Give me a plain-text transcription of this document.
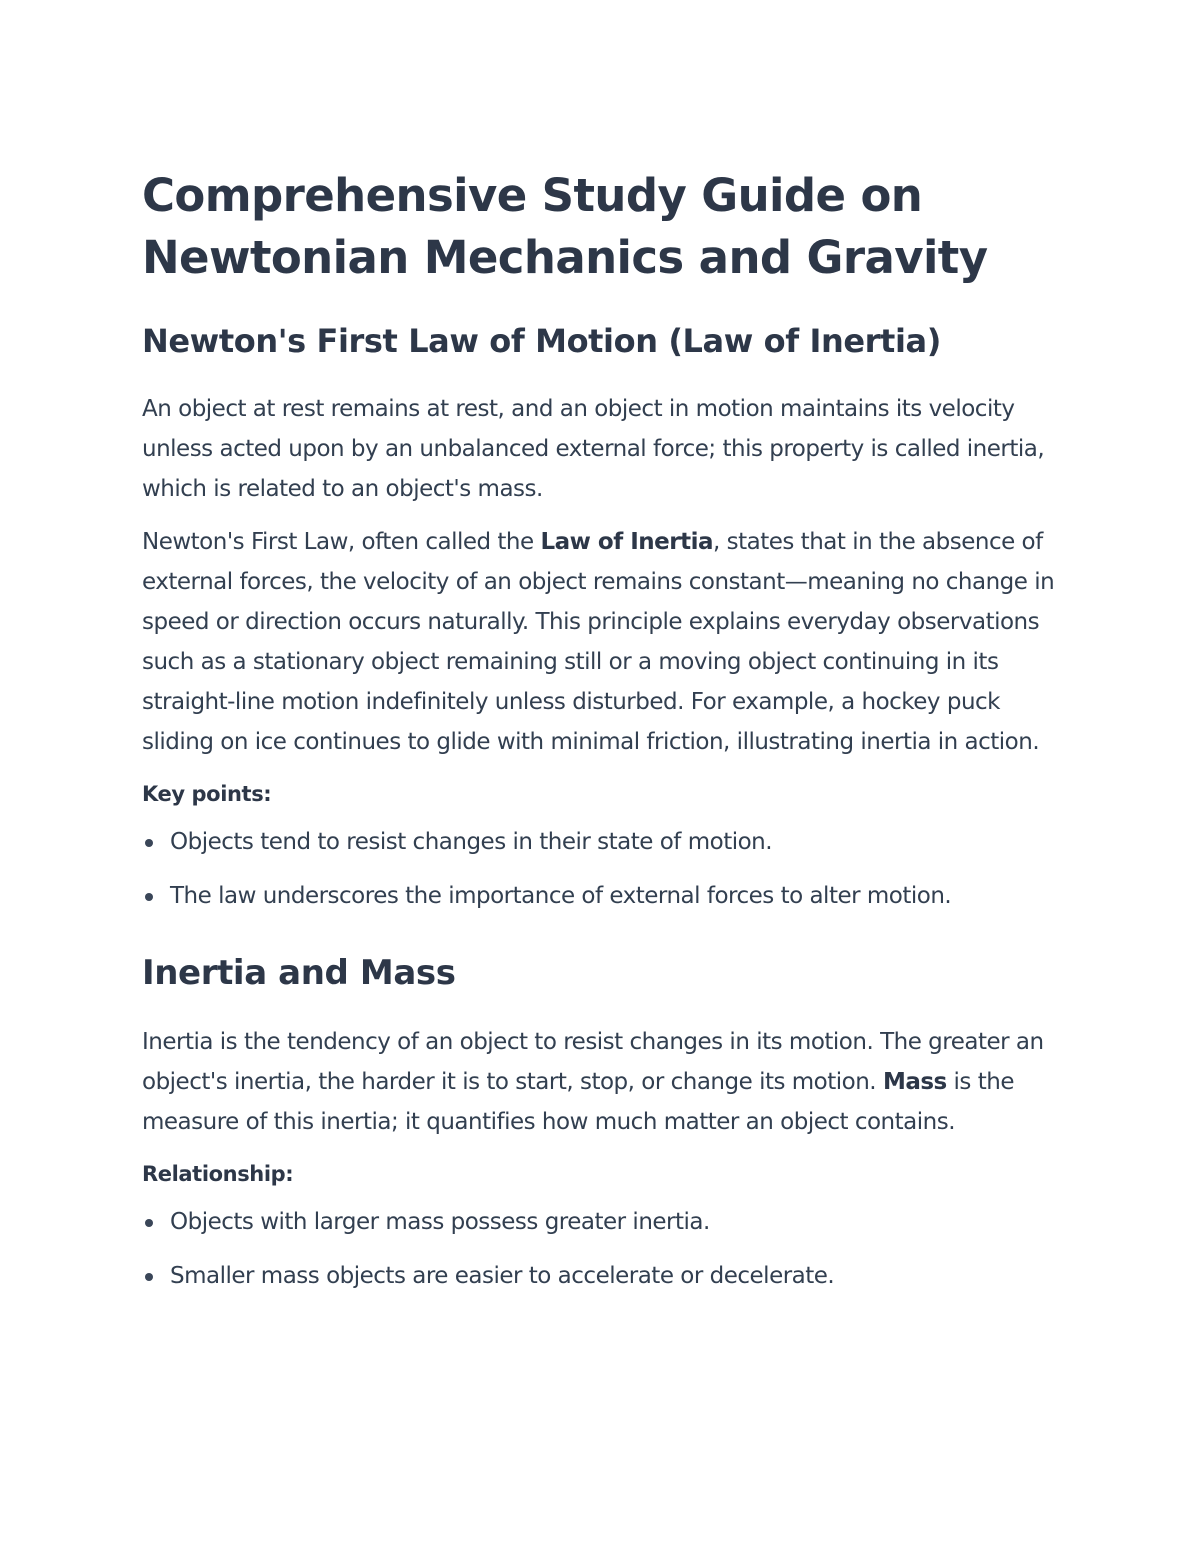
Comprehensive Study Guide on
Newtonian Mechanics and Gravity
Newton's First Law of Motion (Law of Inertia)

An object at rest remains at rest, and an object in motion maintains its velocity unless acted upon by an unbalanced external force; this property is called inertia, which is related to an object's mass.

Newton's First Law, often called the Law of Inertia, states that in the absence of external forces, the velocity of an object remains constant—meaning no change in speed or direction occurs naturally. This principle explains everyday observations such as a stationary object remaining still or a moving object continuing in its straight-line motion indefinitely unless disturbed. For example, a hockey puck sliding on ice continues to glide with minimal friction, illustrating inertia in action.

Key points:
Objects tend to resist changes in their state of motion.
The law underscores the importance of external forces to alter motion.
Inertia and Mass

Inertia is the tendency of an object to resist changes in its motion. The greater an object's inertia, the harder it is to start, stop, or change its motion. Mass is the measure of this inertia; it quantifies how much matter an object contains.

Relationship:
Objects with larger mass possess greater inertia.
Smaller mass objects are easier to accelerate or decelerate.
